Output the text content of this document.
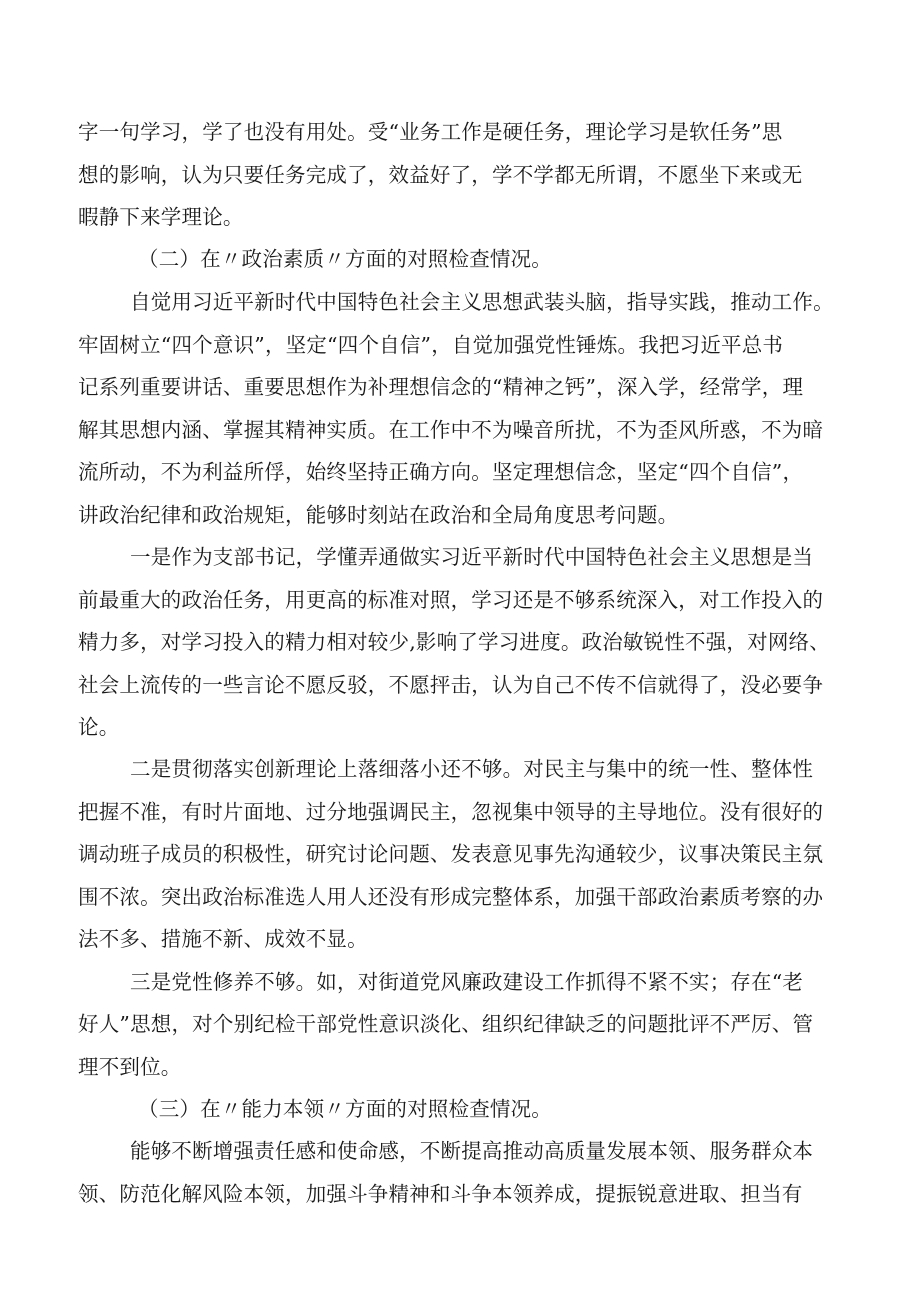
字一句学习，学了也没有用处。受“业务工作是硬任务，理论学习是软任务”思
想的影响，认为只要任务完成了，效益好了，学不学都无所谓，不愿坐下来或无
暇静下来学理论。
（二）在〃政治素质〃方面的对照检查情况。
自觉用习近平新时代中国特色社会主义思想武装头脑，指导实践，推动工作。
牢固树立“四个意识”，坚定“四个自信”，自觉加强党性锤炼。我把习近平总书
记系列重要讲话、重要思想作为补理想信念的“精神之钙”，深入学，经常学，理
解其思想内涵、掌握其精神实质。在工作中不为噪音所扰，不为歪风所惑，不为暗
流所动，不为利益所俘，始终坚持正确方向。坚定理想信念，坚定“四个自信”，
讲政治纪律和政治规矩，能够时刻站在政治和全局角度思考问题。
一是作为支部书记，学懂弄通做实习近平新时代中国特色社会主义思想是当
前最重大的政治任务，用更高的标准对照，学习还是不够系统深入，对工作投入的
精力多，对学习投入的精力相对较少,影响了学习进度。政治敏锐性不强，对网络、
社会上流传的一些言论不愿反驳，不愿抨击，认为自己不传不信就得了，没必要争
论。
二是贯彻落实创新理论上落细落小还不够。对民主与集中的统一性、整体性
把握不准，有时片面地、过分地强调民主，忽视集中领导的主导地位。没有很好的
调动班子成员的积极性，研究讨论问题、发表意见事先沟通较少，议事决策民主氛
围不浓。突出政治标准选人用人还没有形成完整体系，加强干部政治素质考察的办
法不多、措施不新、成效不显。
三是党性修养不够。如，对街道党风廉政建设工作抓得不紧不实；存在“老
好人”思想，对个别纪检干部党性意识淡化、组织纪律缺乏的问题批评不严厉、管
理不到位。
（三）在〃能力本领〃方面的对照检查情况。
能够不断增强责任感和使命感，不断提高推动高质量发展本领、服务群众本
领、防范化解风险本领，加强斗争精神和斗争本领养成，提振锐意进取、担当有
